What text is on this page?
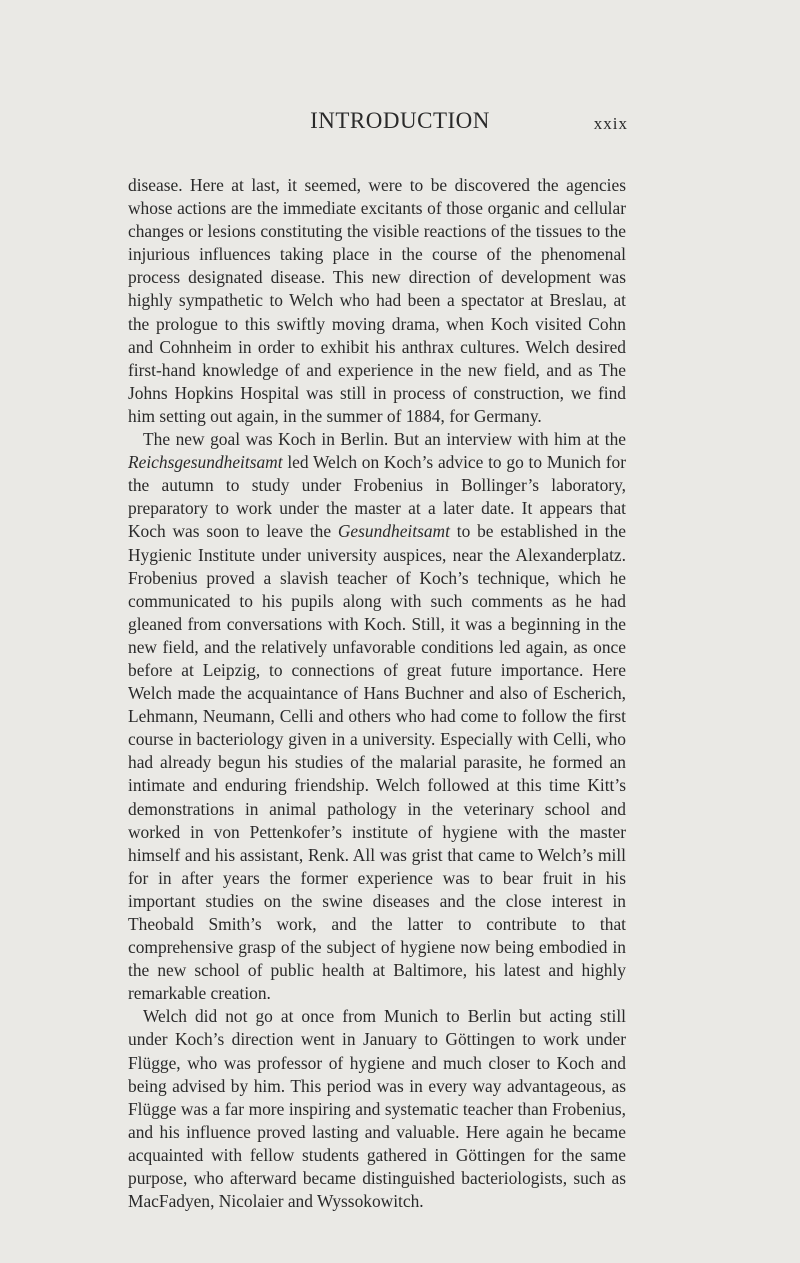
INTRODUCTION	xxix

disease. Here at last, it seemed, were to be discovered the agencies whose actions are the immediate excitants of those organic and cellular changes or lesions constituting the visible reactions of the tissues to the injurious influences taking place in the course of the phenomenal process designated disease. This new direction of development was highly sympathetic to Welch who had been a spectator at Breslau, at the prologue to this swiftly moving drama, when Koch visited Cohn and Cohnheim in order to exhibit his anthrax cultures. Welch desired first-hand knowledge of and experience in the new field, and as The Johns Hopkins Hospital was still in process of construction, we find him setting out again, in the summer of 1884, for Germany.

The new goal was Koch in Berlin. But an interview with him at the Reichsgesundheitsamt led Welch on Koch’s advice to go to Munich for the autumn to study under Frobenius in Bollinger’s laboratory, preparatory to work under the master at a later date. It appears that Koch was soon to leave the Gesundheitsamt to be established in the Hygienic Institute under university auspices, near the Alexanderplatz. Frobenius proved a slavish teacher of Koch’s technique, which he communicated to his pupils along with such comments as he had gleaned from conversations with Koch. Still, it was a beginning in the new field, and the relatively unfavorable conditions led again, as once before at Leipzig, to connections of great future importance. Here Welch made the acquaintance of Hans Buchner and also of Escherich, Lehmann, Neumann, Celli and others who had come to follow the first course in bacteriology given in a university. Especially with Celli, who had already begun his studies of the malarial parasite, he formed an intimate and enduring friendship. Welch followed at this time Kitt’s demonstrations in animal pathology in the veterinary school and worked in von Pettenkofer’s institute of hygiene with the master himself and his assistant, Renk. All was grist that came to Welch’s mill for in after years the former experience was to bear fruit in his important studies on the swine diseases and the close interest in Theobald Smith’s work, and the latter to contribute to that comprehensive grasp of the subject of hygiene now being embodied in the new school of public health at Baltimore, his latest and highly remarkable creation.

Welch did not go at once from Munich to Berlin but acting still under Koch’s direction went in January to Göttingen to work under Flügge, who was professor of hygiene and much closer to Koch and being advised by him. This period was in every way advantageous, as Flügge was a far more inspiring and systematic teacher than Frobenius, and his influence proved lasting and valuable. Here again he became acquainted with fellow students gathered in Göttingen for the same purpose, who afterward became distinguished bacteriologists, such as MacFadyen, Nicolaier and Wyssokowitch.
